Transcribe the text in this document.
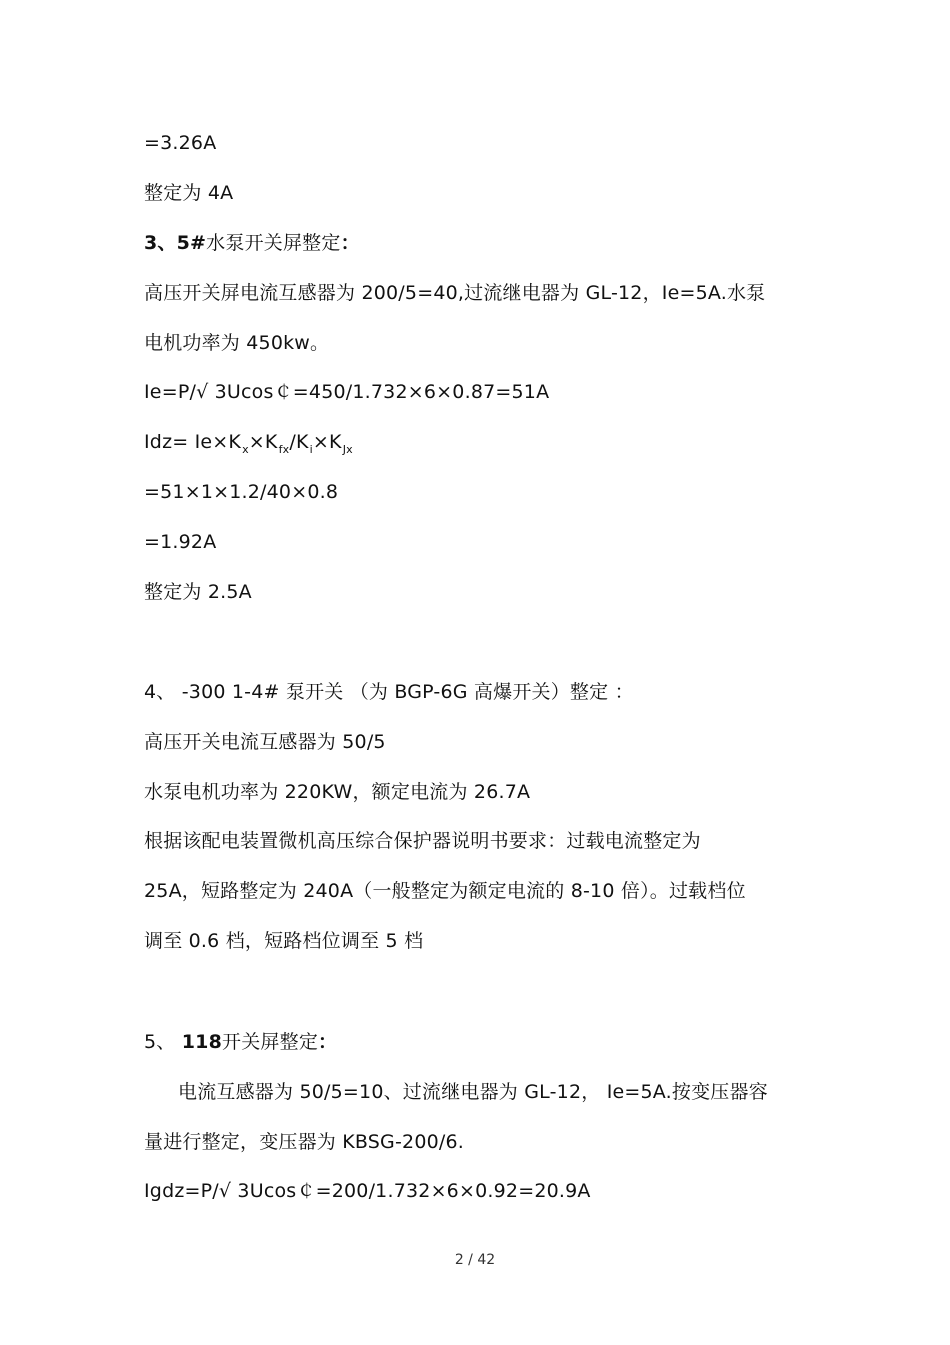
=3.26A
整定为 4A
3、5#水泵开关屏整定：
高压开关屏电流互感器为 200/5=40,过流继电器为 GL-12，Ie=5A.水泵
电机功率为 450kw。
Ie=P/√ 3Ucos￠=450/1.732×6×0.87=51A
$Idz= Ie\times K_x\times K_{fx}/K_i\times K_{Jx}$
=51×1×1.2/40×0.8
=1.92A
整定为 2.5A
4、 -300 1-4# 泵开关 （为 BGP-6G 高爆开关）整定 ：
高压开关电流互感器为 50/5
水泵电机功率为 220KW，额定电流为 26.7A
根据该配电装置微机高压综合保护器说明书要求：过载电流整定为
25A，短路整定为 240A（一般整定为额定电流的 8-10 倍）。过载档位
调至 0.6 档，短路档位调至 5 档
5、 118开关屏整定：
电流互感器为 50/5=10、过流继电器为 GL-12， Ie=5A.按变压器容
量进行整定，变压器为 KBSG-200/6.
Igdz=P/√ 3Ucos￠=200/1.732×6×0.92=20.9A
2 / 42
